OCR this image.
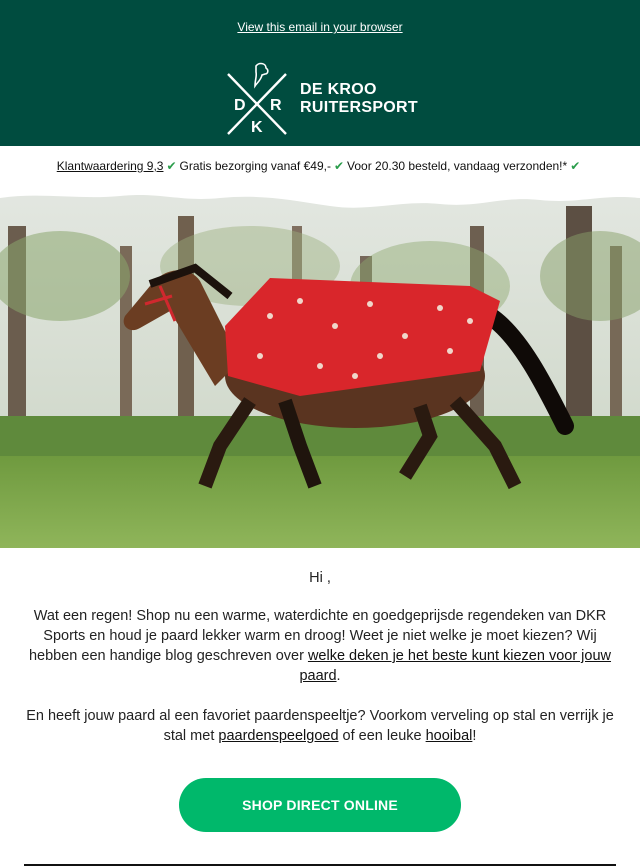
View this email in your browser
D R
K
DE KROO
RUITERSPORT
Klantwaardering 9,3 ✔ Gratis bezorging vanaf €49,- ✔ Voor 20.30 besteld, vandaag verzonden!* ✔
Hi ,
Wat een regen! Shop nu een warme, waterdichte en goedgeprijsde regendeken van DKR Sports en houd je paard lekker warm en droog! Weet je niet welke je moet kiezen? Wij hebben een handige blog geschreven over welke deken je het beste kunt kiezen voor jouw paard.
En heeft jouw paard al een favoriet paardenspeeltje? Voorkom verveling op stal en verrijk je stal met paardenspeelgoed of een leuke hooibal!
SHOP DIRECT ONLINE
